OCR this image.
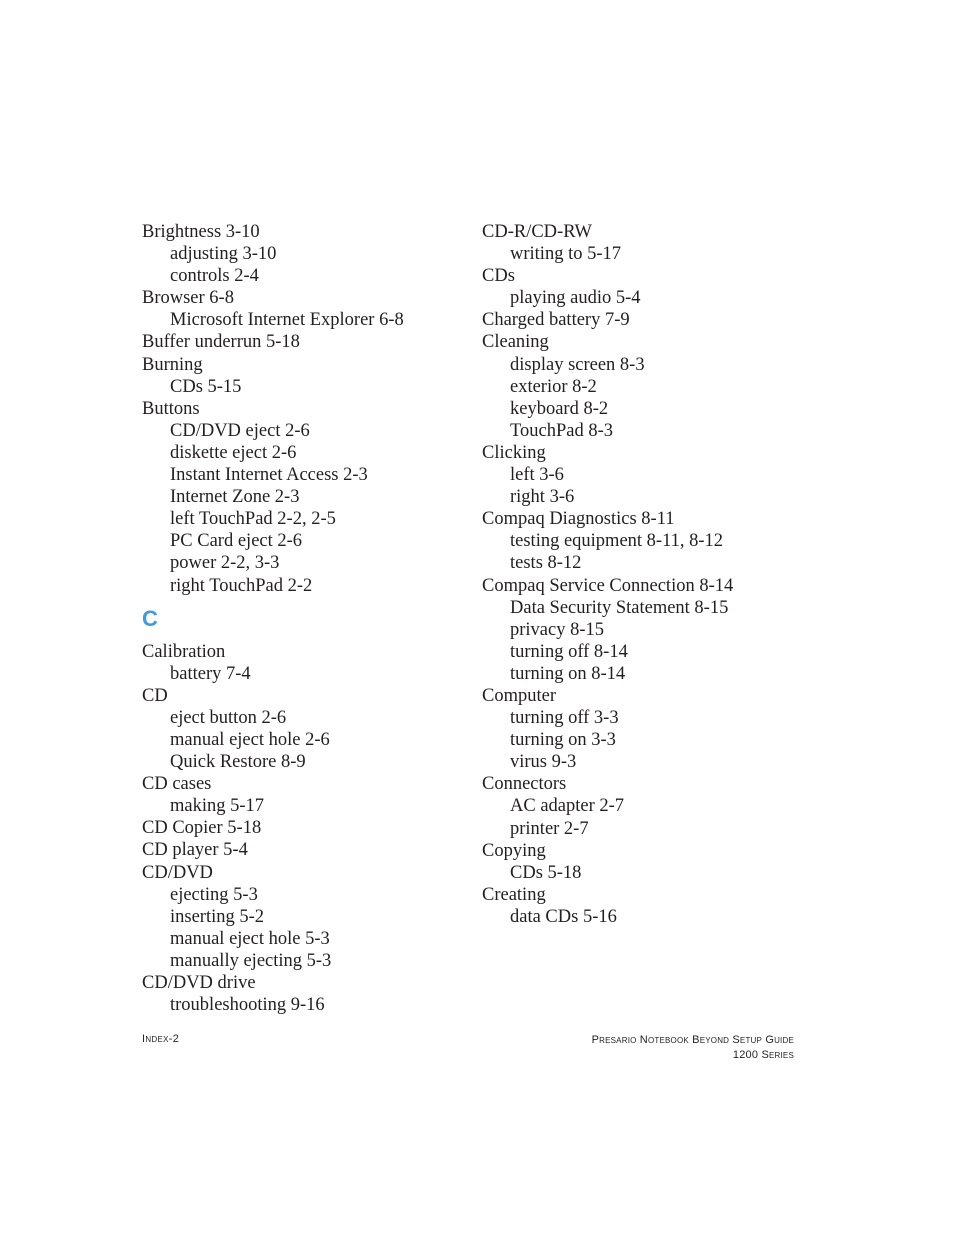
Brightness 3-10
adjusting 3-10
controls 2-4
Browser 6-8
Microsoft Internet Explorer 6-8
Buffer underrun 5-18
Burning
CDs 5-15
Buttons
CD/DVD eject 2-6
diskette eject 2-6
Instant Internet Access 2-3
Internet Zone 2-3
left TouchPad 2-2, 2-5
PC Card eject 2-6
power 2-2, 3-3
right TouchPad 2-2
C
Calibration
battery 7-4
CD
eject button 2-6
manual eject hole 2-6
Quick Restore 8-9
CD cases
making 5-17
CD Copier 5-18
CD player 5-4
CD/DVD
ejecting 5-3
inserting 5-2
manual eject hole 5-3
manually ejecting 5-3
CD/DVD drive
troubleshooting 9-16
CD-R/CD-RW
writing to 5-17
CDs
playing audio 5-4
Charged battery 7-9
Cleaning
display screen 8-3
exterior 8-2
keyboard 8-2
TouchPad 8-3
Clicking
left 3-6
right 3-6
Compaq Diagnostics 8-11
testing equipment 8-11, 8-12
tests 8-12
Compaq Service Connection 8-14
Data Security Statement 8-15
privacy 8-15
turning off 8-14
turning on 8-14
Computer
turning off 3-3
turning on 3-3
virus 9-3
Connectors
AC adapter 2-7
printer 2-7
Copying
CDs 5-18
Creating
data CDs 5-16
Index-2	Presario Notebook Beyond Setup Guide
1200 Series
